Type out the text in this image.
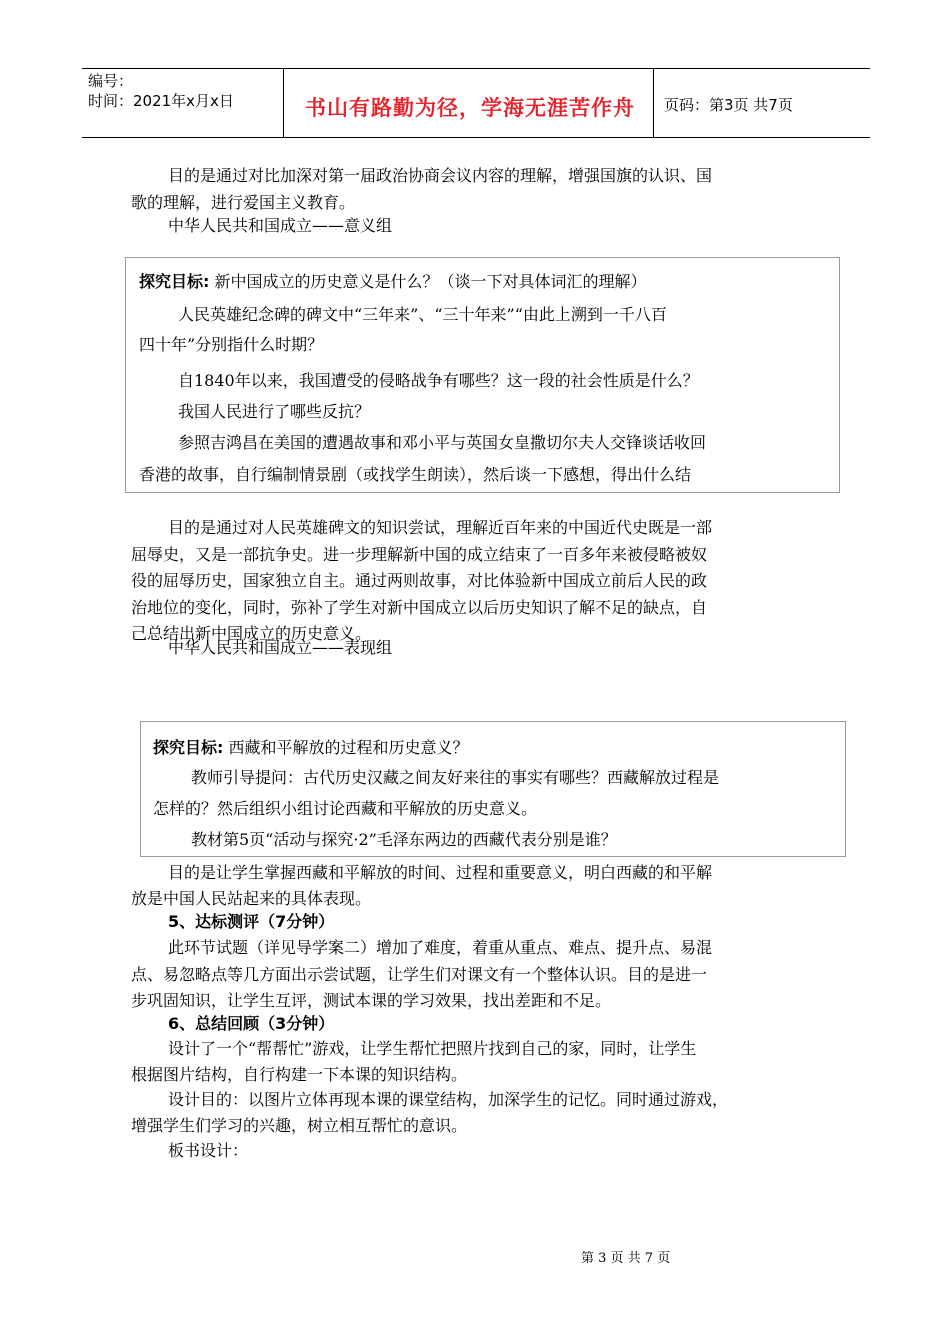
编号：
时间：2021年x月x日	书山有路勤为径，学海无涯苦作舟 页码：第3页 共7页
目的是通过对比加深对第一届政治协商会议内容的理解，增强国旗的认识、国
歌的理解，进行爱国主义教育。
中华人民共和国成立——意义组
探究目标: 新中国成立的历史意义是什么？（谈一下对具体词汇的理解）
人民英雄纪念碑的碑文中“三年来”、“三十年来”“由此上溯到一千八百
四十年”分别指什么时期？
自1840年以来，我国遭受的侵略战争有哪些？这一段的社会性质是什么？
我国人民进行了哪些反抗？
参照吉鸿昌在美国的遭遇故事和邓小平与英国女皇撒切尔夫人交锋谈话收回
香港的故事，自行编制情景剧（或找学生朗读），然后谈一下感想，得出什么结
目的是通过对人民英雄碑文的知识尝试，理解近百年来的中国近代史既是一部
屈辱史，又是一部抗争史。进一步理解新中国的成立结束了一百多年来被侵略被奴
役的屈辱历史，国家独立自主。通过两则故事，对比体验新中国成立前后人民的政
治地位的变化，同时，弥补了学生对新中国成立以后历史知识了解不足的缺点，自
己总结出新中国成立的历史意义。
中华人民共和国成立——表现组
探究目标: 西藏和平解放的过程和历史意义？
教师引导提问：古代历史汉藏之间友好来往的事实有哪些？西藏解放过程是
怎样的？然后组织小组讨论西藏和平解放的历史意义。
教材第5页“活动与探究·2”毛泽东两边的西藏代表分别是谁？
目的是让学生掌握西藏和平解放的时间、过程和重要意义，明白西藏的和平解
放是中国人民站起来的具体表现。
5、达标测评（7分钟）
此环节试题（详见导学案二）增加了难度，着重从重点、难点、提升点、易混
点、易忽略点等几方面出示尝试题，让学生们对课文有一个整体认识。目的是进一
步巩固知识，让学生互评，测试本课的学习效果，找出差距和不足。
6、总结回顾（3分钟）
设计了一个“帮帮忙”游戏，让学生帮忙把照片找到自己的家，同时，让学生
根据图片结构，自行构建一下本课的知识结构。
设计目的：以图片立体再现本课的课堂结构，加深学生的记忆。同时通过游戏，
增强学生们学习的兴趣，树立相互帮忙的意识。
板书设计：
第 3 页 共 7 页
